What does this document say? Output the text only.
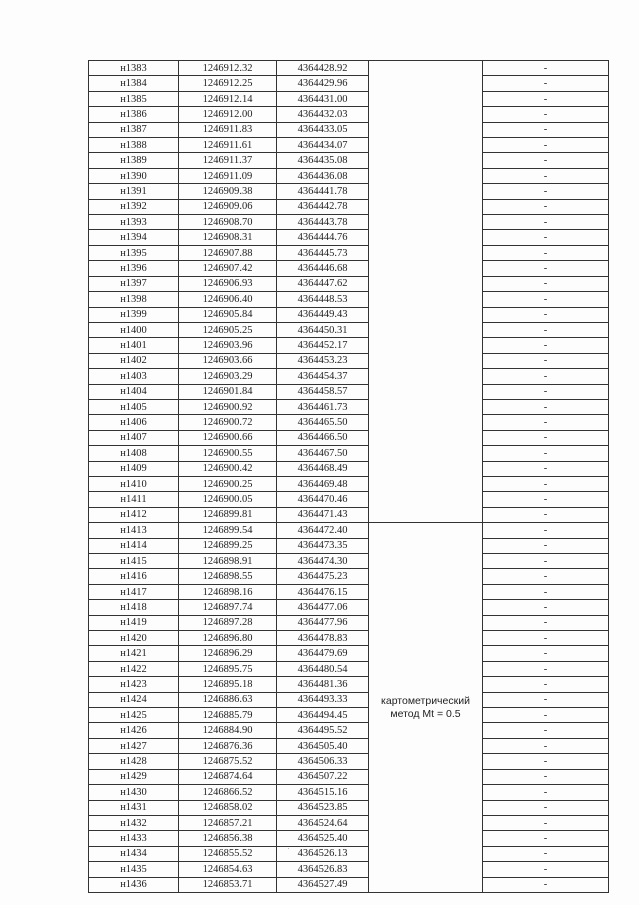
н1383	1246912.32	4364428.92		-
н1384	1246912.25	4364429.96		-
н1385	1246912.14	4364431.00		-
н1386	1246912.00	4364432.03		-
н1387	1246911.83	4364433.05		-
н1388	1246911.61	4364434.07		-
н1389	1246911.37	4364435.08		-
н1390	1246911.09	4364436.08		-
н1391	1246909.38	4364441.78		-
н1392	1246909.06	4364442.78		-
н1393	1246908.70	4364443.78		-
н1394	1246908.31	4364444.76		-
н1395	1246907.88	4364445.73		-
н1396	1246907.42	4364446.68		-
н1397	1246906.93	4364447.62		-
н1398	1246906.40	4364448.53		-
н1399	1246905.84	4364449.43		-
н1400	1246905.25	4364450.31		-
н1401	1246903.96	4364452.17		-
н1402	1246903.66	4364453.23		-
н1403	1246903.29	4364454.37		-
н1404	1246901.84	4364458.57		-
н1405	1246900.92	4364461.73		-
н1406	1246900.72	4364465.50		-
н1407	1246900.66	4364466.50		-
н1408	1246900.55	4364467.50		-
н1409	1246900.42	4364468.49		-
н1410	1246900.25	4364469.48		-
н1411	1246900.05	4364470.46		-
н1412	1246899.81	4364471.43		-
н1413	1246899.54	4364472.40	картометрический
метод Mt = 0.5	-
н1414	1246899.25	4364473.35		-
н1415	1246898.91	4364474.30		-
н1416	1246898.55	4364475.23		-
н1417	1246898.16	4364476.15		-
н1418	1246897.74	4364477.06		-
н1419	1246897.28	4364477.96		-
н1420	1246896.80	4364478.83		-
н1421	1246896.29	4364479.69		-
н1422	1246895.75	4364480.54		-
н1423	1246895.18	4364481.36		-
н1424	1246886.63	4364493.33		-
н1425	1246885.79	4364494.45		-
н1426	1246884.90	4364495.52		-
н1427	1246876.36	4364505.40		-
н1428	1246875.52	4364506.33		-
н1429	1246874.64	4364507.22		-
н1430	1246866.52	4364515.16		-
н1431	1246858.02	4364523.85		-
н1432	1246857.21	4364524.64		-
н1433	1246856.38	4364525.40		-
н1434	1246855.52	4364526.13		-
н1435	1246854.63	4364526.83		-
н1436	1246853.71	4364527.49		-
